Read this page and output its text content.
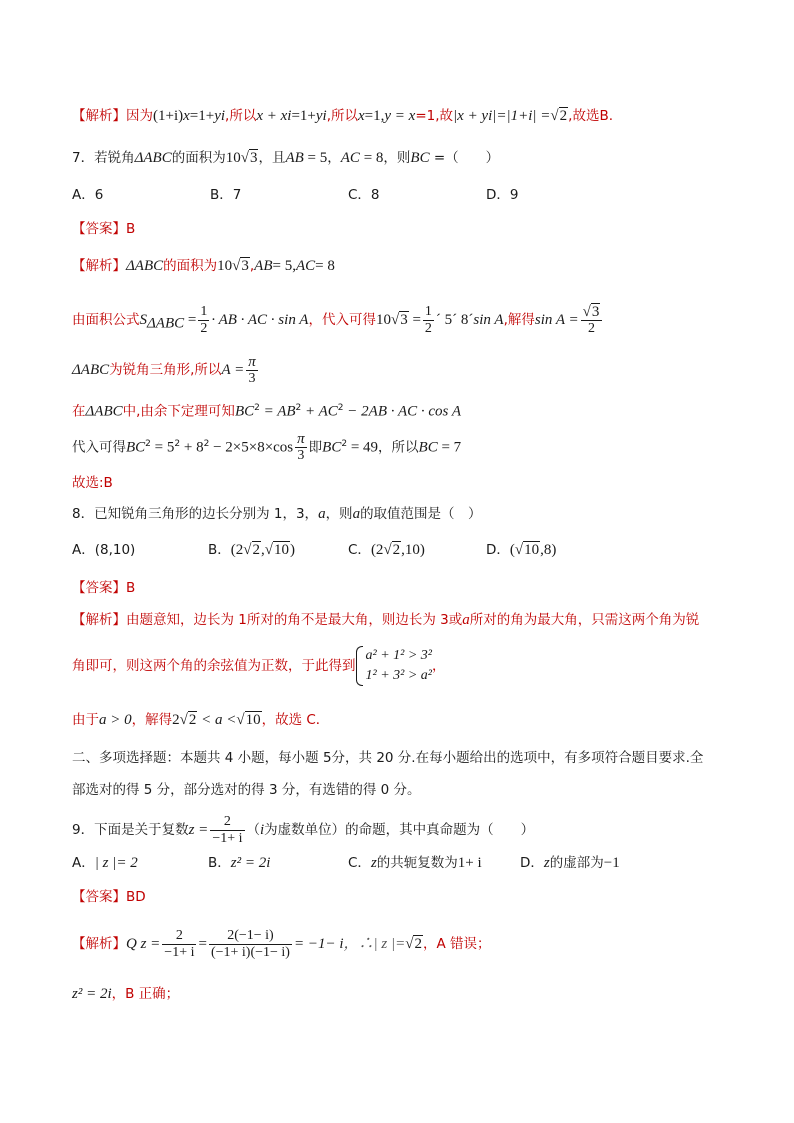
【解析】因为(1+i)x=1+yi,所以x + xi=1+yi,所以x=1,y = x=1,故|x + yi|=|1+i| =√2,故选B.
7．若锐角ΔABC的面积为10√3，且AB = 5，AC = 8，则BC =（　　）
A．6	B．7	C．8	D．9
【答案】B
【解析】ΔABC的面积为10√3,AB= 5,AC= 8
由面积公式$S_{\Delta ABC} = \frac{1}{2}$ · AB · AC · sin A，代入可得$10√3 = \frac{1}{2}$ ´ 5´ 8´sin A,解得$\sin A = \frac{√3}{2}$
ΔABC为锐角三角形,所以$A = \frac{\pi}{3}$
在ΔABC中,由余下定理可知$BC^2 = AB^2 + AC^2 - 2AB$ · AC · cos A
代入可得$BC^2 = 5^2 + 8^2 - 2\times 5\times 8\times\cos \frac{\pi}{3}$ 即$BC^2 = 49$，所以BC = 7
故选:B
8．已知锐角三角形的边长分别为 1，3，a，则a的取值范围是（　）
A．(8,10)	B．(2√2,√10)	C．(2√2,10)	D．(√10,8)
【答案】B
【解析】由题意知，边长为 1所对的角不是最大角，则边长为 3或a所对的角为最大角，只需这两个角为锐
角即可，则这两个角的余弦值为正数，于此得到
a² + 1² > 3²
1² + 3² > a²
，
由于a > 0，解得2√2 < a <√10，故选 C．
二、多项选择题：本题共 4 小题，每小题 5分，共 20 分.在每小题给出的选项中，有多项符合题目要求.全
部选对的得 5 分，部分选对的得 3 分，有选错的得 0 分。
9．下面是关于复数$z = \frac{2}{-1+ i} (i$为虚数单位）的命题，其中真命题为（　　）
A．| z |= 2	B．z² = 2i	C．z的共轭复数为1+ i	D．z的虚部为−1
【答案】BD
【解析】Q $z = \frac{2}{-1+ i} = \frac{2(-1- i)}{(-1+ i)(-1- i)} = -1- i$，∴| z |=√2，A 错误；
z² = 2i，B 正确；
